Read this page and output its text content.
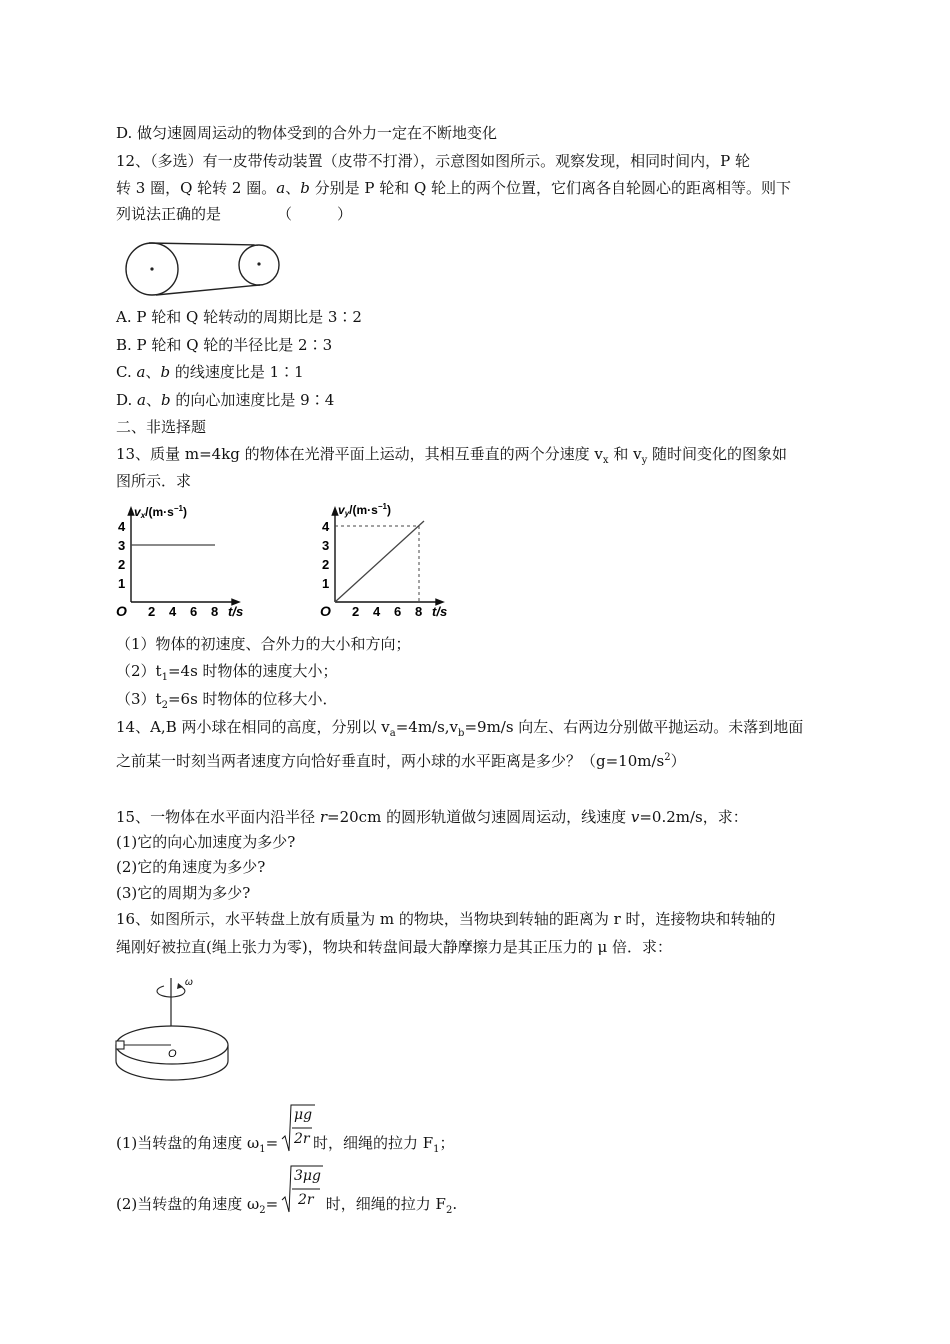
D. 做匀速圆周运动的物体受到的合外力一定在不断地变化
12、（多选）有一皮带传动装置（皮带不打滑），示意图如图所示。观察发现，相同时间内，P 轮
转 3 圈，Q 轮转 2 圈。a、b 分别是 P 轮和 Q 轮上的两个位置，它们离各自轮圆心的距离相等。则下
列说法正确的是	（　　　）
A. P 轮和 Q 轮转动的周期比是 3∶2
B. P 轮和 Q 轮的半径比是 2∶3
C. a、b 的线速度比是 1∶1
D. a、b 的向心加速度比是 9∶4
二、非选择题
13、质量 m=4kg 的物体在光滑平面上运动，其相互垂直的两个分速度 $v_x$ 和 $v_y$ 随时间变化的图象如
图所示．求
$vx/(m\cdot s^{-1})$
O
1
2
3
4
2 4 6 8 t/s
$vy/(m\cdot s^{-1})$
O
1
2
3
4
2 4 6 8 t/s
（1）物体的初速度、合外力的大小和方向；
$(2)t_1=4s$ 时物体的速度大小；
$(3)t_2=6s$ 时物体的位移大小．
14、A,B 两小球在相同的高度，分别以 $v_a=4m/s,v_b=9m/s$ 向左、右两边分别做平抛运动。未落到地面
之前某一时刻当两者速度方向恰好垂直时，两小球的水平距离是多少？$(g=10m/s^2)$
15、一物体在水平面内沿半径 r=20cm 的圆形轨道做匀速圆周运动，线速度 v=0.2m/s，求：
(1)它的向心加速度为多少?
(2)它的角速度为多少?
(3)它的周期为多少?
16、如图所示，水平转盘上放有质量为 m 的物块，当物块到转轴的距离为 r 时，连接物块和转轴的
绳刚好被拉直(绳上张力为零)，物块和转盘间最大静摩擦力是其正压力的 μ 倍．求：
ω
O
(1)当转盘的角速度 $\omega_1=$
μg
2r 时，细绳的拉力 $F_1$；
(2)当转盘的角速度 $\omega_2=$
3μg
2r 时，细绳的拉力 $F_2$.
